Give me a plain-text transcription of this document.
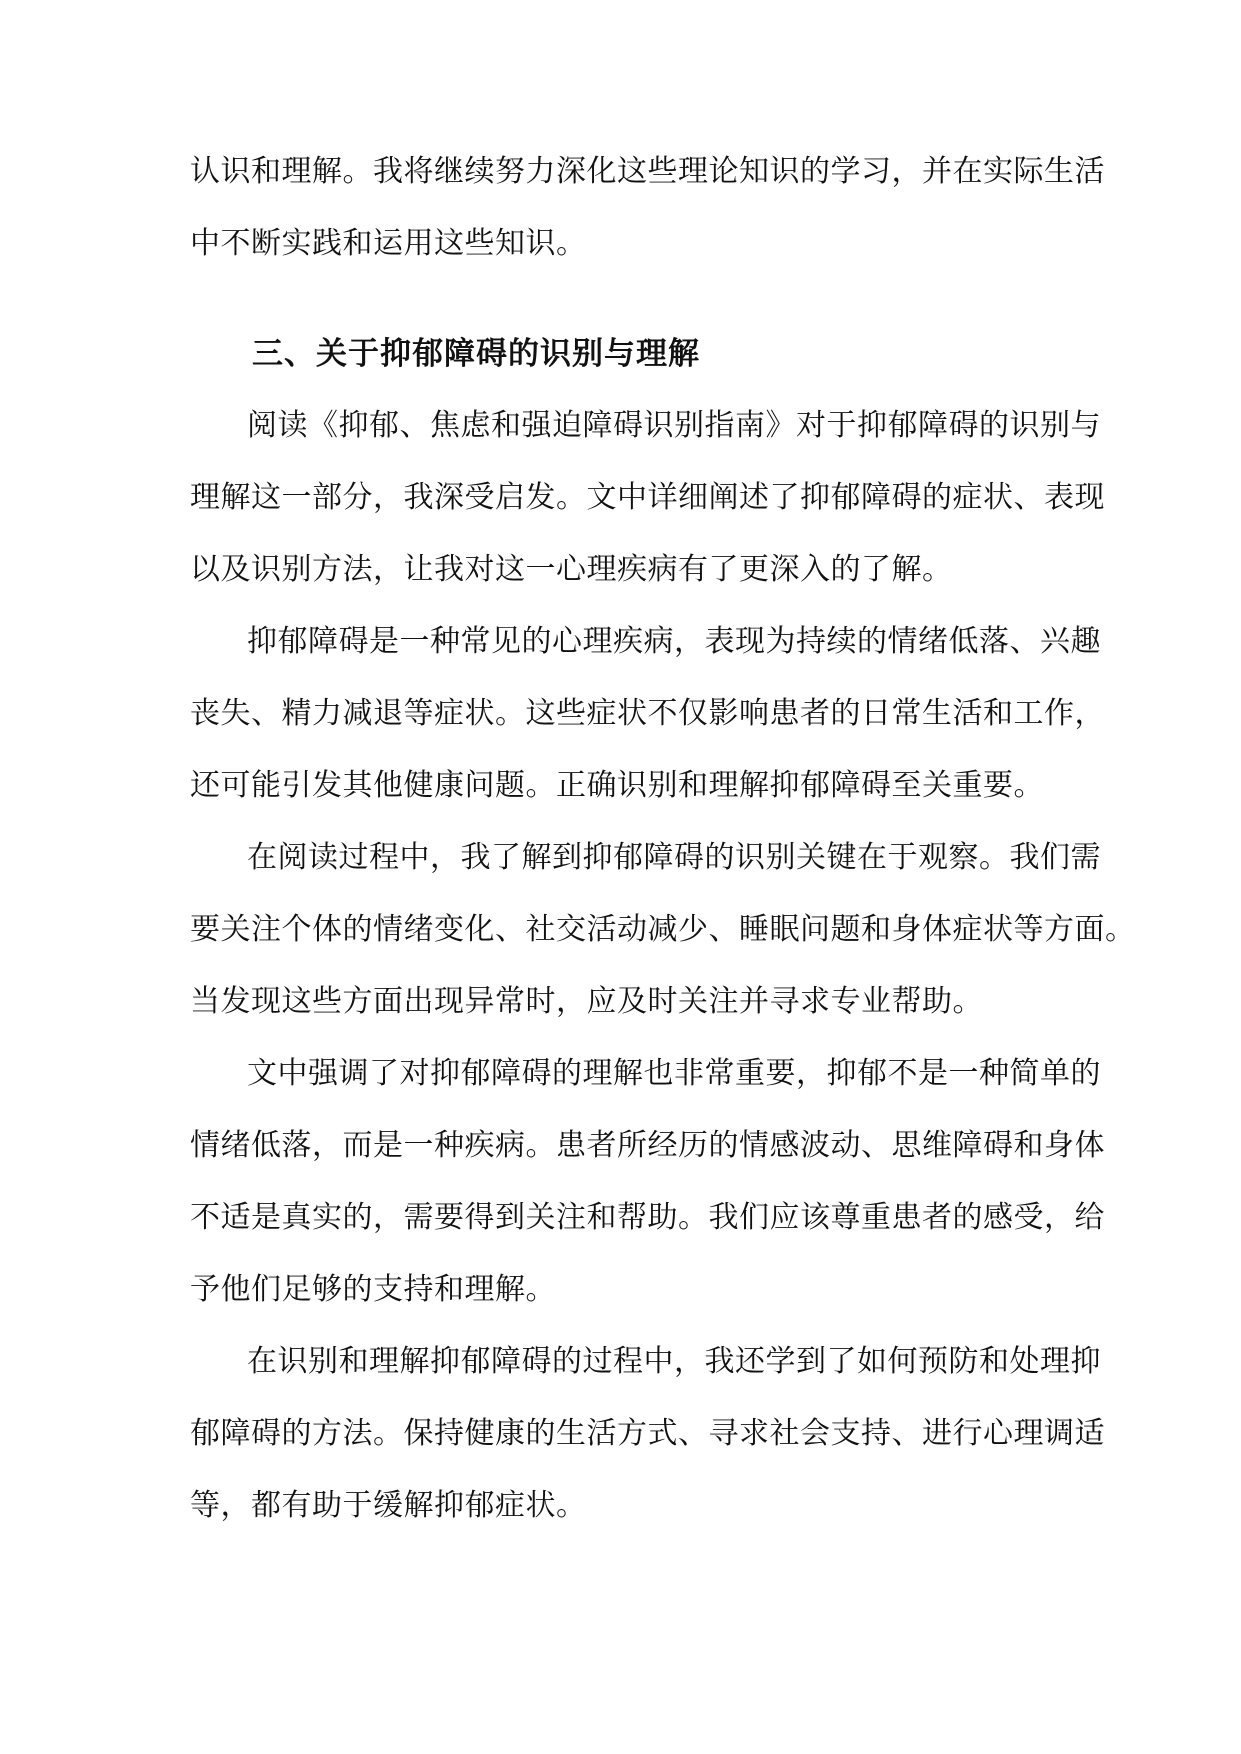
认识和理解。我将继续努力深化这些理论知识的学习，并在实际生活
中不断实践和运用这些知识。
三、关于抑郁障碍的识别与理解
阅读《抑郁、焦虑和强迫障碍识别指南》对于抑郁障碍的识别与
理解这一部分，我深受启发。文中详细阐述了抑郁障碍的症状、表现
以及识别方法，让我对这一心理疾病有了更深入的了解。
抑郁障碍是一种常见的心理疾病，表现为持续的情绪低落、兴趣
丧失、精力减退等症状。这些症状不仅影响患者的日常生活和工作，
还可能引发其他健康问题。正确识别和理解抑郁障碍至关重要。
在阅读过程中，我了解到抑郁障碍的识别关键在于观察。我们需
要关注个体的情绪变化、社交活动减少、睡眠问题和身体症状等方面。
当发现这些方面出现异常时，应及时关注并寻求专业帮助。
文中强调了对抑郁障碍的理解也非常重要，抑郁不是一种简单的
情绪低落，而是一种疾病。患者所经历的情感波动、思维障碍和身体
不适是真实的，需要得到关注和帮助。我们应该尊重患者的感受，给
予他们足够的支持和理解。
在识别和理解抑郁障碍的过程中，我还学到了如何预防和处理抑
郁障碍的方法。保持健康的生活方式、寻求社会支持、进行心理调适
等，都有助于缓解抑郁症状。
